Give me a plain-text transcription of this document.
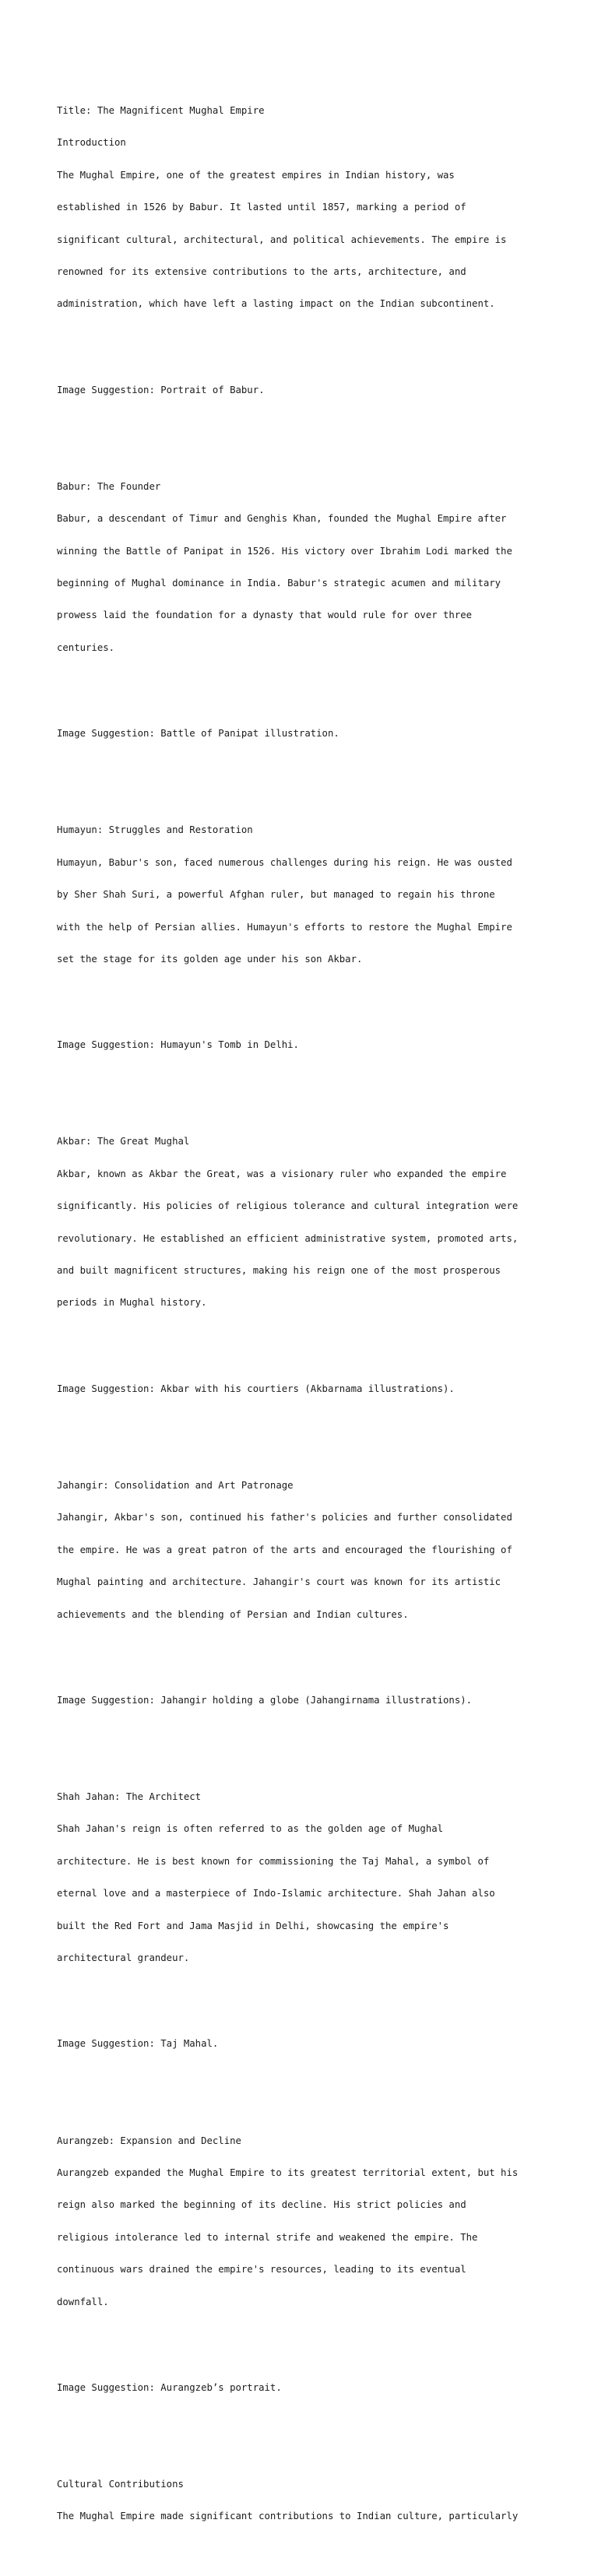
Title: The Magnificent Mughal Empire

Introduction

The Mughal Empire, one of the greatest empires in Indian history, was

established in 1526 by Babur. It lasted until 1857, marking a period of

significant cultural, architectural, and political achievements. The empire is

renowned for its extensive contributions to the arts, architecture, and

administration, which have left a lasting impact on the Indian subcontinent.

Image Suggestion: Portrait of Babur.

Babur: The Founder

Babur, a descendant of Timur and Genghis Khan, founded the Mughal Empire after

winning the Battle of Panipat in 1526. His victory over Ibrahim Lodi marked the

beginning of Mughal dominance in India. Babur's strategic acumen and military

prowess laid the foundation for a dynasty that would rule for over three

centuries.

Image Suggestion: Battle of Panipat illustration.

Humayun: Struggles and Restoration

Humayun, Babur's son, faced numerous challenges during his reign. He was ousted

by Sher Shah Suri, a powerful Afghan ruler, but managed to regain his throne

with the help of Persian allies. Humayun's efforts to restore the Mughal Empire

set the stage for its golden age under his son Akbar.

Image Suggestion: Humayun's Tomb in Delhi.

Akbar: The Great Mughal

Akbar, known as Akbar the Great, was a visionary ruler who expanded the empire

significantly. His policies of religious tolerance and cultural integration were

revolutionary. He established an efficient administrative system, promoted arts,

and built magnificent structures, making his reign one of the most prosperous

periods in Mughal history.

Image Suggestion: Akbar with his courtiers (Akbarnama illustrations).

Jahangir: Consolidation and Art Patronage

Jahangir, Akbar's son, continued his father's policies and further consolidated

the empire. He was a great patron of the arts and encouraged the flourishing of

Mughal painting and architecture. Jahangir's court was known for its artistic

achievements and the blending of Persian and Indian cultures.

Image Suggestion: Jahangir holding a globe (Jahangirnama illustrations).

Shah Jahan: The Architect

Shah Jahan's reign is often referred to as the golden age of Mughal

architecture. He is best known for commissioning the Taj Mahal, a symbol of

eternal love and a masterpiece of Indo-Islamic architecture. Shah Jahan also

built the Red Fort and Jama Masjid in Delhi, showcasing the empire's

architectural grandeur.

Image Suggestion: Taj Mahal.

Aurangzeb: Expansion and Decline

Aurangzeb expanded the Mughal Empire to its greatest territorial extent, but his

reign also marked the beginning of its decline. His strict policies and

religious intolerance led to internal strife and weakened the empire. The

continuous wars drained the empire's resources, leading to its eventual

downfall.

Image Suggestion: Aurangzeb’s portrait.

Cultural Contributions

The Mughal Empire made significant contributions to Indian culture, particularly
